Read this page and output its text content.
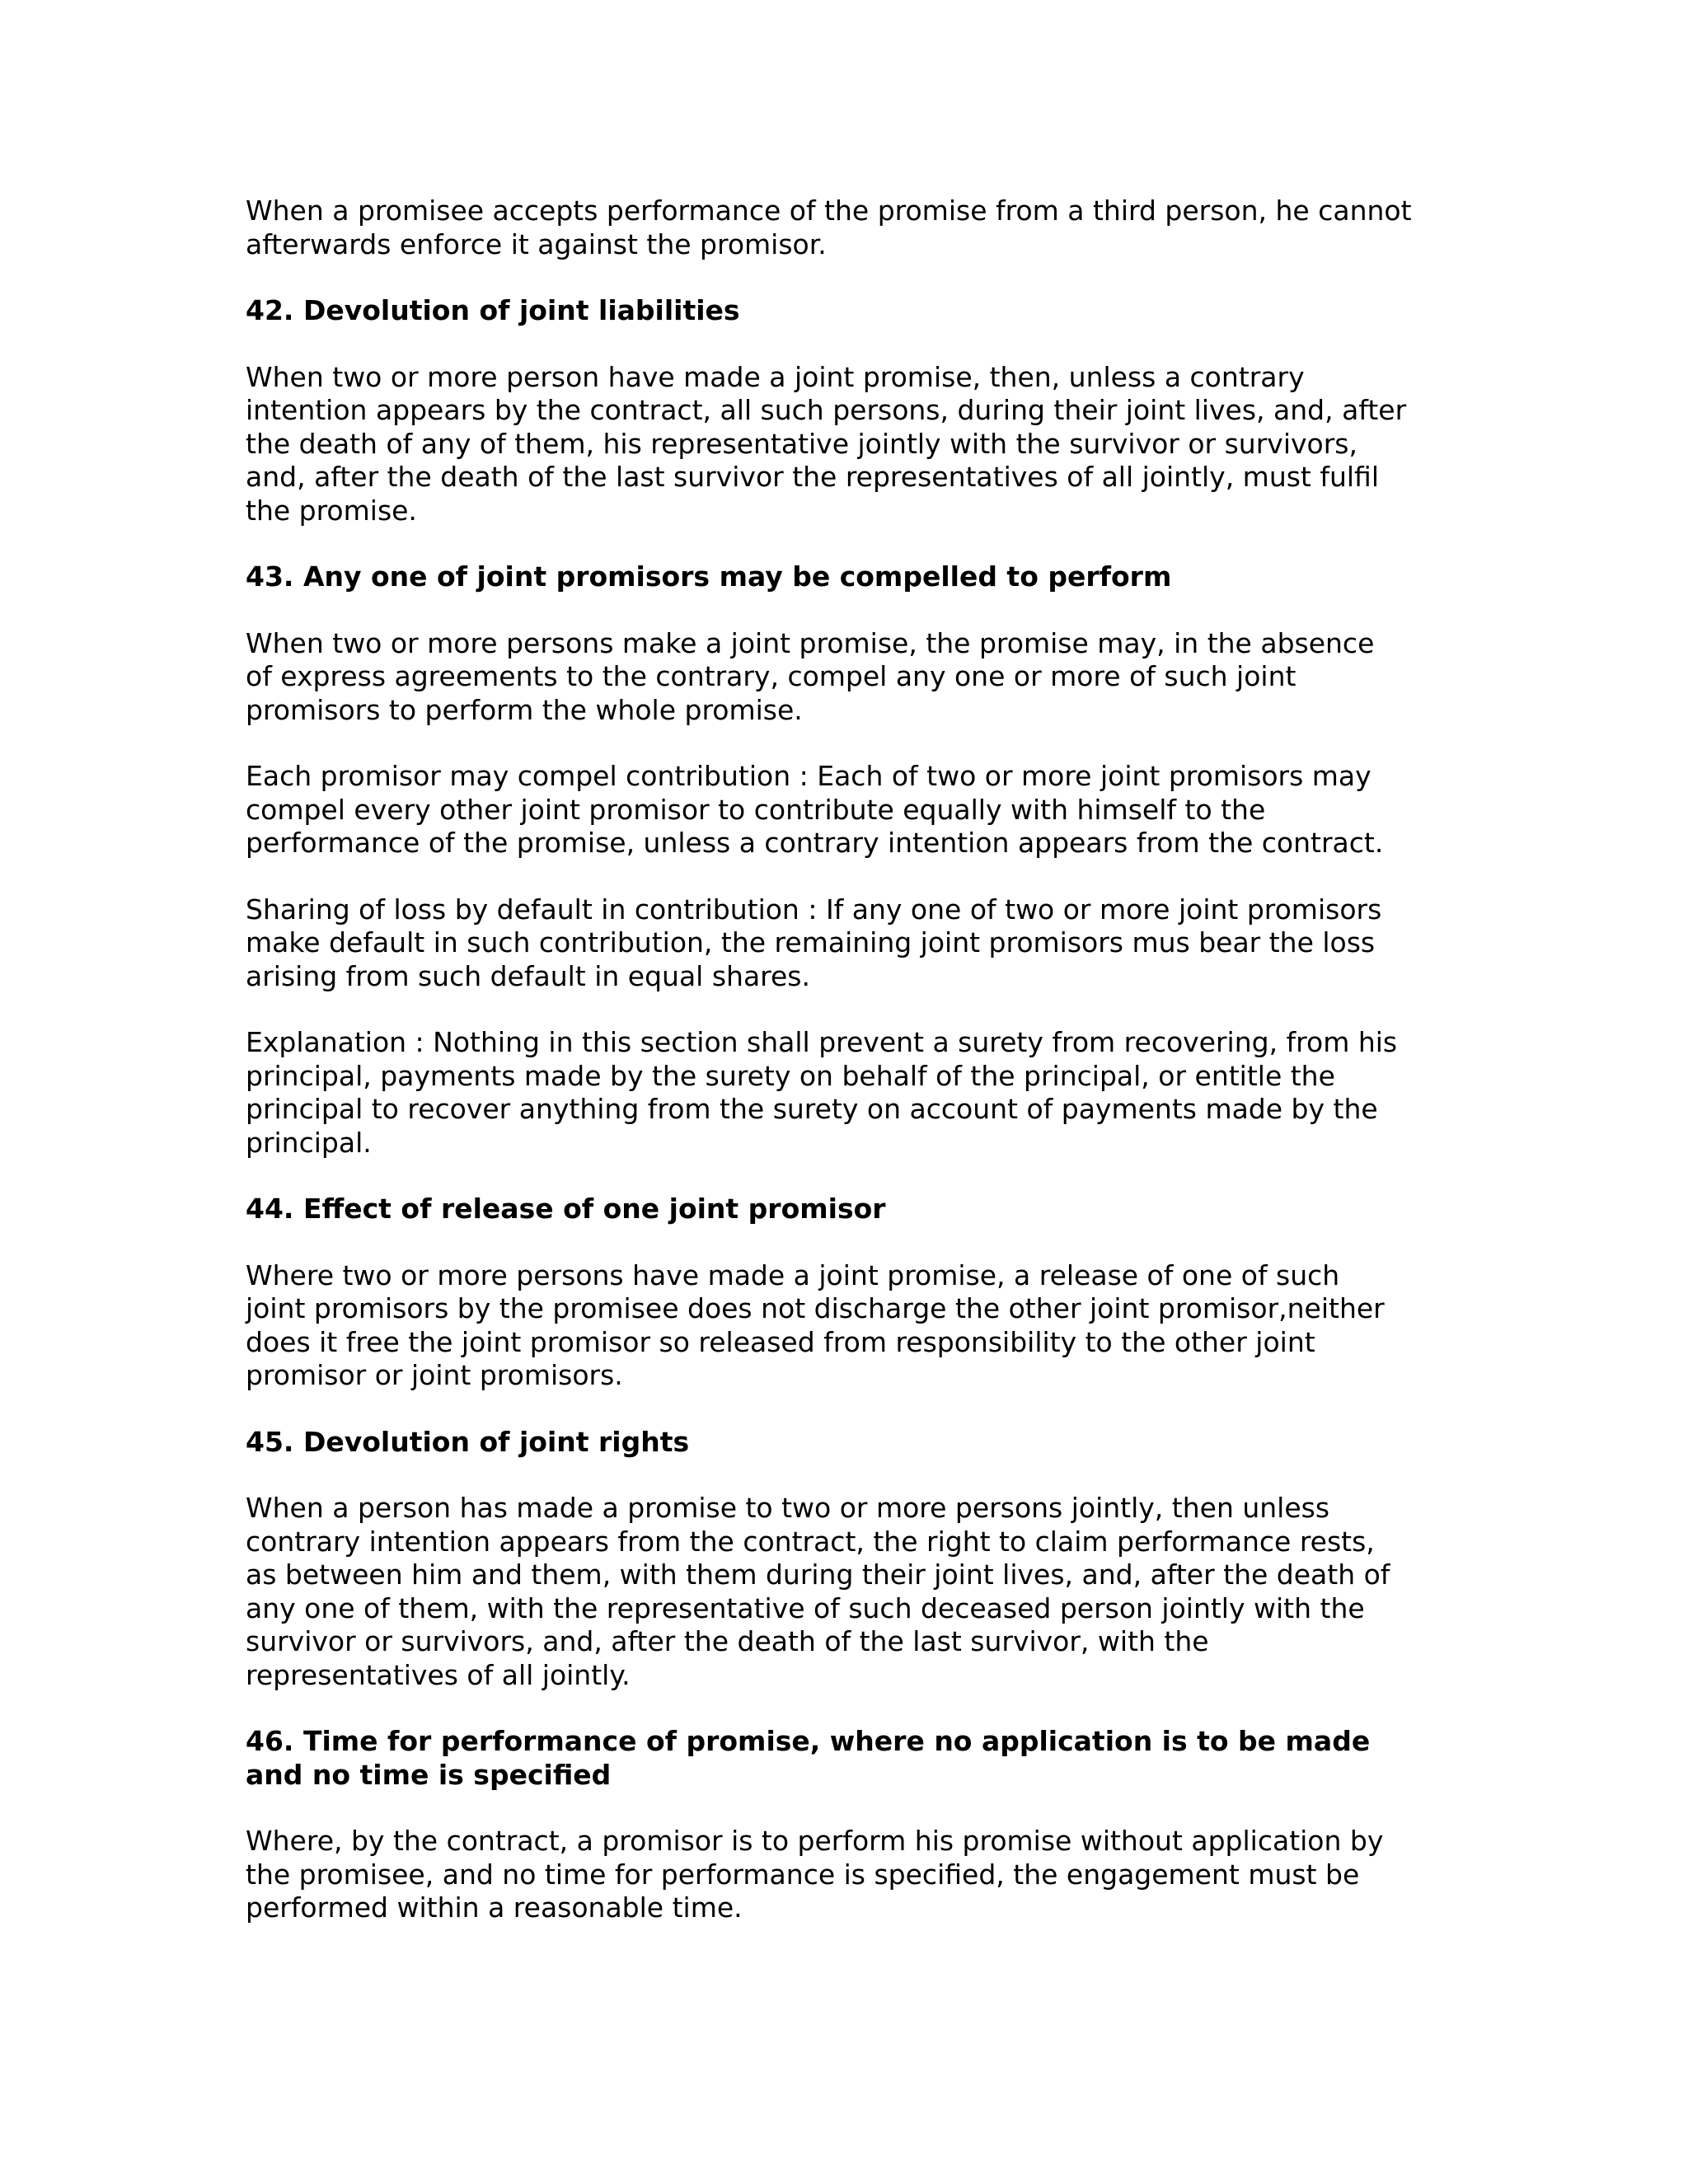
When a promisee accepts performance of the promise from a third person, he cannot
afterwards enforce it against the promisor.

42. Devolution of joint liabilities

When two or more person have made a joint promise, then, unless a contrary
intention appears by the contract, all such persons, during their joint lives, and, after
the death of any of them, his representative jointly with the survivor or survivors,
and, after the death of the last survivor the representatives of all jointly, must fulfil
the promise.

43. Any one of joint promisors may be compelled to perform

When two or more persons make a joint promise, the promise may, in the absence
of express agreements to the contrary, compel any one or more of such joint
promisors to perform the whole promise.

Each promisor may compel contribution : Each of two or more joint promisors may
compel every other joint promisor to contribute equally with himself to the
performance of the promise, unless a contrary intention appears from the contract.

Sharing of loss by default in contribution : If any one of two or more joint promisors
make default in such contribution, the remaining joint promisors mus bear the loss
arising from such default in equal shares.

Explanation : Nothing in this section shall prevent a surety from recovering, from his
principal, payments made by the surety on behalf of the principal, or entitle the
principal to recover anything from the surety on account of payments made by the
principal.

44. Effect of release of one joint promisor

Where two or more persons have made a joint promise, a release of one of such
joint promisors by the promisee does not discharge the other joint promisor,neither
does it free the joint promisor so released from responsibility to the other joint
promisor or joint promisors.

45. Devolution of joint rights

When a person has made a promise to two or more persons jointly, then unless
contrary intention appears from the contract, the right to claim performance rests,
as between him and them, with them during their joint lives, and, after the death of
any one of them, with the representative of such deceased person jointly with the
survivor or survivors, and, after the death of the last survivor, with the
representatives of all jointly.

46. Time for performance of promise, where no application is to be made
and no time is specified

Where, by the contract, a promisor is to perform his promise without application by
the promisee, and no time for performance is specified, the engagement must be
performed within a reasonable time.
